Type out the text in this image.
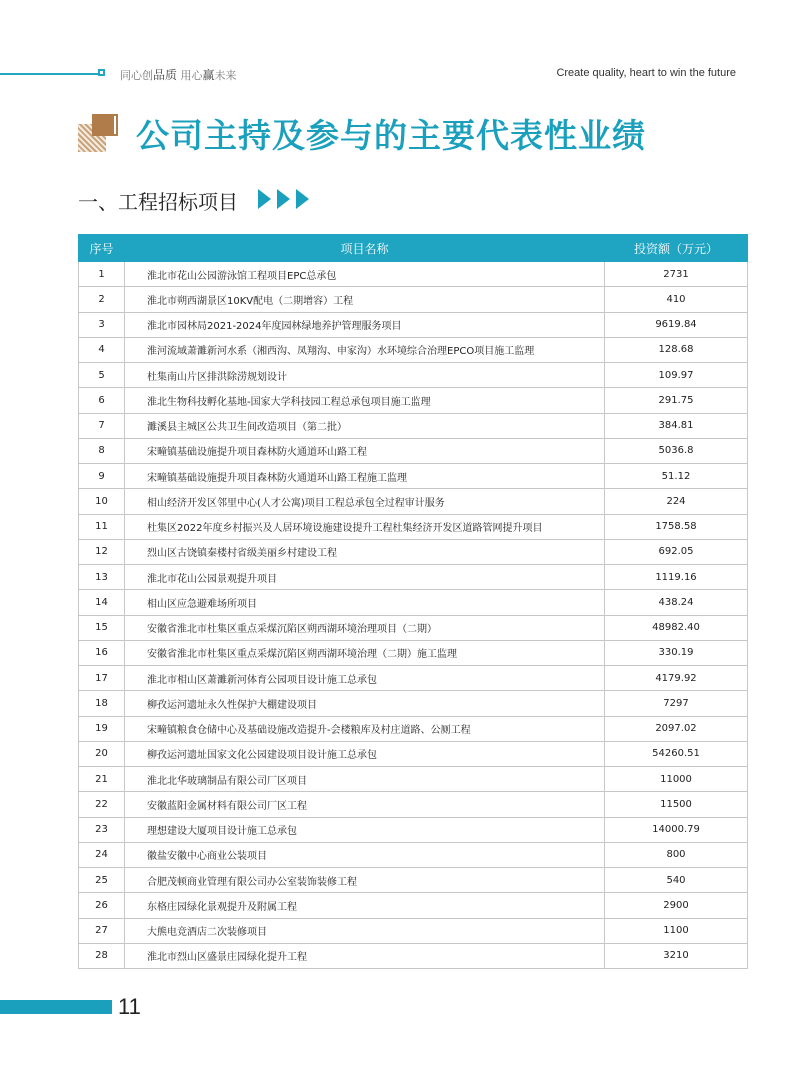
同心创品质 用心赢未来	Create quality, heart to win the future
公司主持及参与的主要代表性业绩
一、工程招标项目
序号	项目名称	投资额（万元）
1	淮北市花山公园游泳馆工程项目EPC总承包	2731
2	淮北市朔西湖景区10KV配电（二期增容）工程	410
3	淮北市园林局2021-2024年度园林绿地养护管理服务项目	9619.84
4	淮河流域萧濉新河水系（湘西沟、凤翔沟、申家沟）水环境综合治理EPCO项目施工监理	128.68
5	杜集南山片区排洪除涝规划设计	109.97
6	淮北生物科技孵化基地-国家大学科技园工程总承包项目施工监理	291.75
7	濉溪县主城区公共卫生间改造项目（第二批）	384.81
8	宋疃镇基础设施提升项目森林防火通道环山路工程	5036.8
9	宋疃镇基础设施提升项目森林防火通道环山路工程施工监理	51.12
10	相山经济开发区邻里中心(人才公寓)项目工程总承包全过程审计服务	224
11	杜集区2022年度乡村振兴及人居环境设施建设提升工程杜集经济开发区道路管网提升项目	1758.58
12	烈山区古饶镇秦楼村省级美丽乡村建设工程	692.05
13	淮北市花山公园景观提升项目	1119.16
14	相山区应急避难场所项目	438.24
15	安徽省淮北市杜集区重点采煤沉陷区朔西湖环境治理项目（二期）	48982.40
16	安徽省淮北市杜集区重点采煤沉陷区朔西湖环境治理（二期）施工监理	330.19
17	淮北市相山区萧濉新河体育公园项目设计施工总承包	4179.92
18	柳孜运河遗址永久性保护大棚建设项目	7297
19	宋疃镇粮食仓储中心及基础设施改造提升-会楼粮库及村庄道路、公厕工程	2097.02
20	柳孜运河遗址国家文化公园建设项目设计施工总承包	54260.51
21	淮北北华玻璃制品有限公司厂区项目	11000
22	安徽蓝阳金属材料有限公司厂区工程	11500
23	理想建设大厦项目设计施工总承包	14000.79
24	徽盐安徽中心商业公装项目	800
25	合肥茂顿商业管理有限公司办公室装饰装修工程	540
26	东格庄园绿化景观提升及附属工程	2900
27	大熊电竞酒店二次装修项目	1100
28	淮北市烈山区盛景庄园绿化提升工程	3210
11
